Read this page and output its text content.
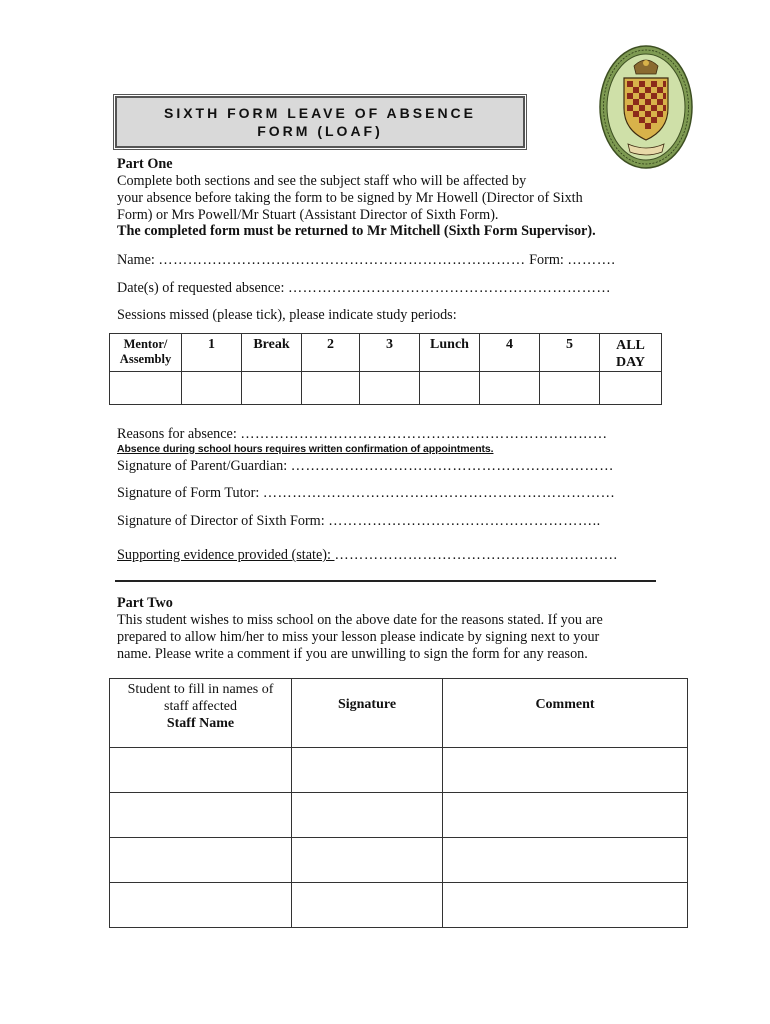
SIXTH FORM LEAVE OF ABSENCE
FORM (LOAF)
Part One
Complete both sections and see the subject staff who will be affected by
your absence before taking the form to be signed by Mr Howell (Director of Sixth
Form) or Mrs Powell/Mr Stuart (Assistant Director of Sixth Form).
The completed form must be returned to Mr Mitchell (Sixth Form Supervisor).
Name: ………………………………………………………………… Form: ……….
Date(s) of requested absence: …………………………………………………………
Sessions missed (please tick), please indicate study periods:
Mentor/
Assembly	1	Break	2	3	Lunch	4	5	ALL
DAY

Reasons for absence: …………………………………………………………………
Absence during school hours requires written confirmation of appointments.
Signature of Parent/Guardian: …………………………………………………………
Signature of Form Tutor: ………………………………………………………………
Signature of Director of Sixth Form: ………………………………………………..
Supporting evidence provided (state): ………………………………………………….
Part Two
This student wishes to miss school on the above date for the reasons stated. If you are
prepared to allow him/her to miss your lesson please indicate by signing next to your
name. Please write a comment if you are unwilling to sign the form for any reason.
Student to fill in names of
staff affected
Staff Name	Signature	Comment
